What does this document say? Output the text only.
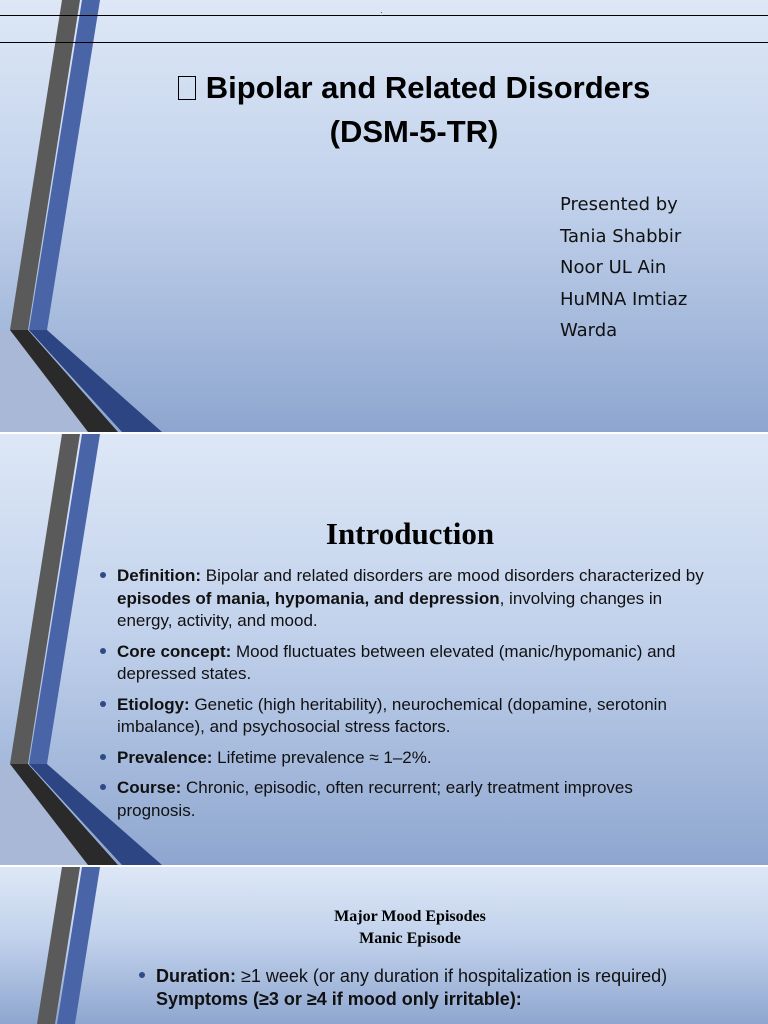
:
Bipolar and Related Disorders
(DSM-5-TR)
Presented by
Tania Shabbir
Noor UL Ain
HuMNA Imtiaz
Warda
Introduction
Definition: Bipolar and related disorders are mood disorders characterized by episodes of mania, hypomania, and depression, involving changes in energy, activity, and mood.
Core concept: Mood fluctuates between elevated (manic/hypomanic) and depressed states.
Etiology: Genetic (high heritability), neurochemical (dopamine, serotonin imbalance), and psychosocial stress factors.
Prevalence: Lifetime prevalence ≈ 1–2%.
Course: Chronic, episodic, often recurrent; early treatment improves prognosis.
Major Mood Episodes
Manic Episode
Duration: ≥1 week (or any duration if hospitalization is required)
Symptoms (≥3 or ≥4 if mood only irritable):
